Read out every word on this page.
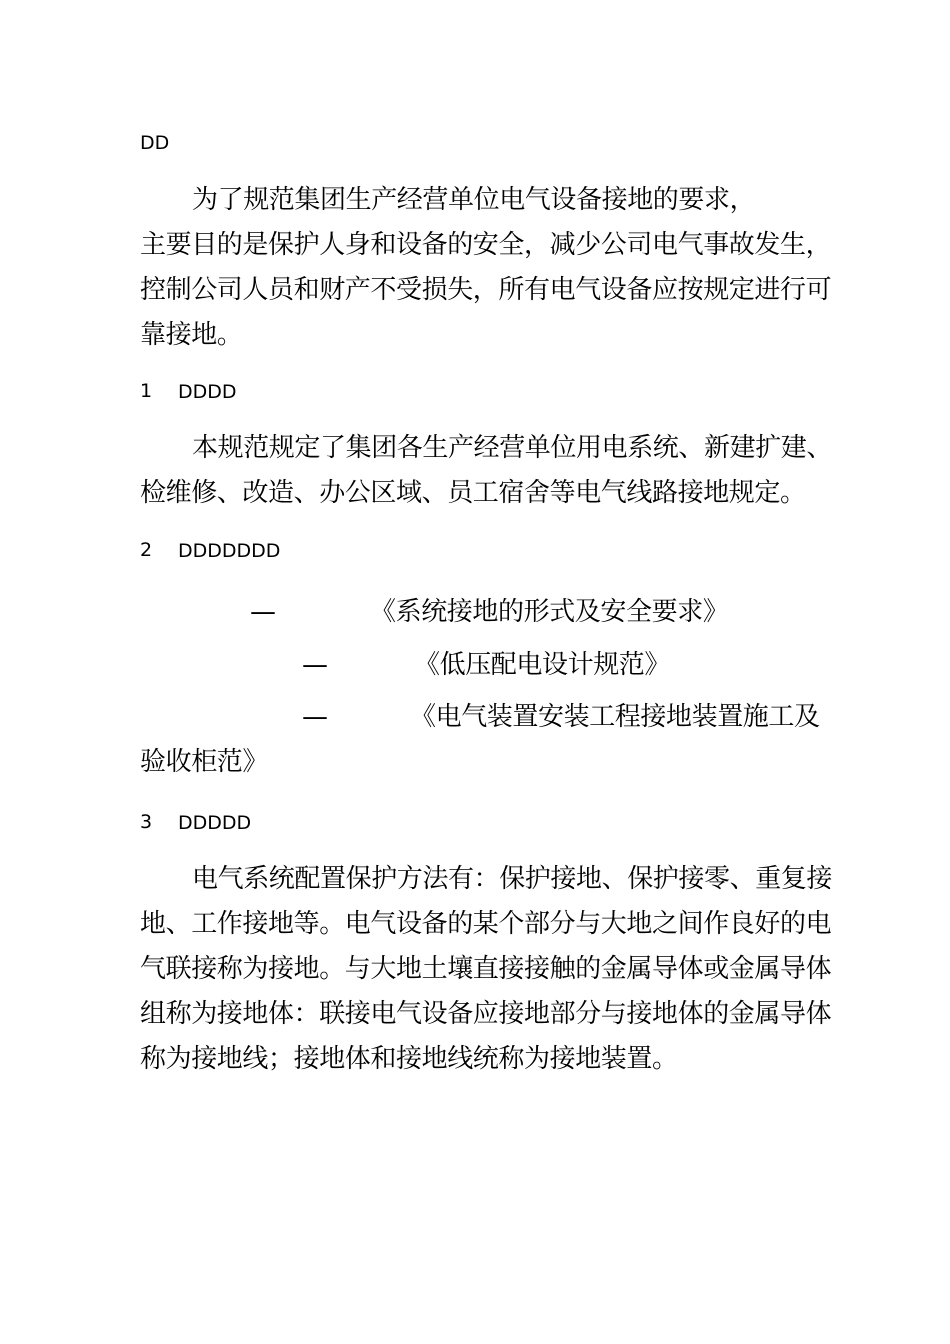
DD
为了规范集团生产经营单位电气设备接地的要求，
主要目的是保护人身和设备的安全，减少公司电气事故发生，
控制公司人员和财产不受损失，所有电气设备应按规定进行可
靠接地。
1 DDDD
本规范规定了集团各生产经营单位用电系统、新建扩建、
检维修、改造、办公区域、员工宿舍等电气线路接地规定。
2 DDDDDDD
—	《系统接地的形式及安全要求》
—	《低压配电设计规范》
—	《电气装置安装工程接地装置施工及
验收柜范》
3 DDDDD
电气系统配置保护方法有：保护接地、保护接零、重复接
地、工作接地等。电气设备的某个部分与大地之间作良好的电
气联接称为接地。与大地土壤直接接触的金属导体或金属导体
组称为接地体：联接电气设备应接地部分与接地体的金属导体
称为接地线；接地体和接地线统称为接地装置。
